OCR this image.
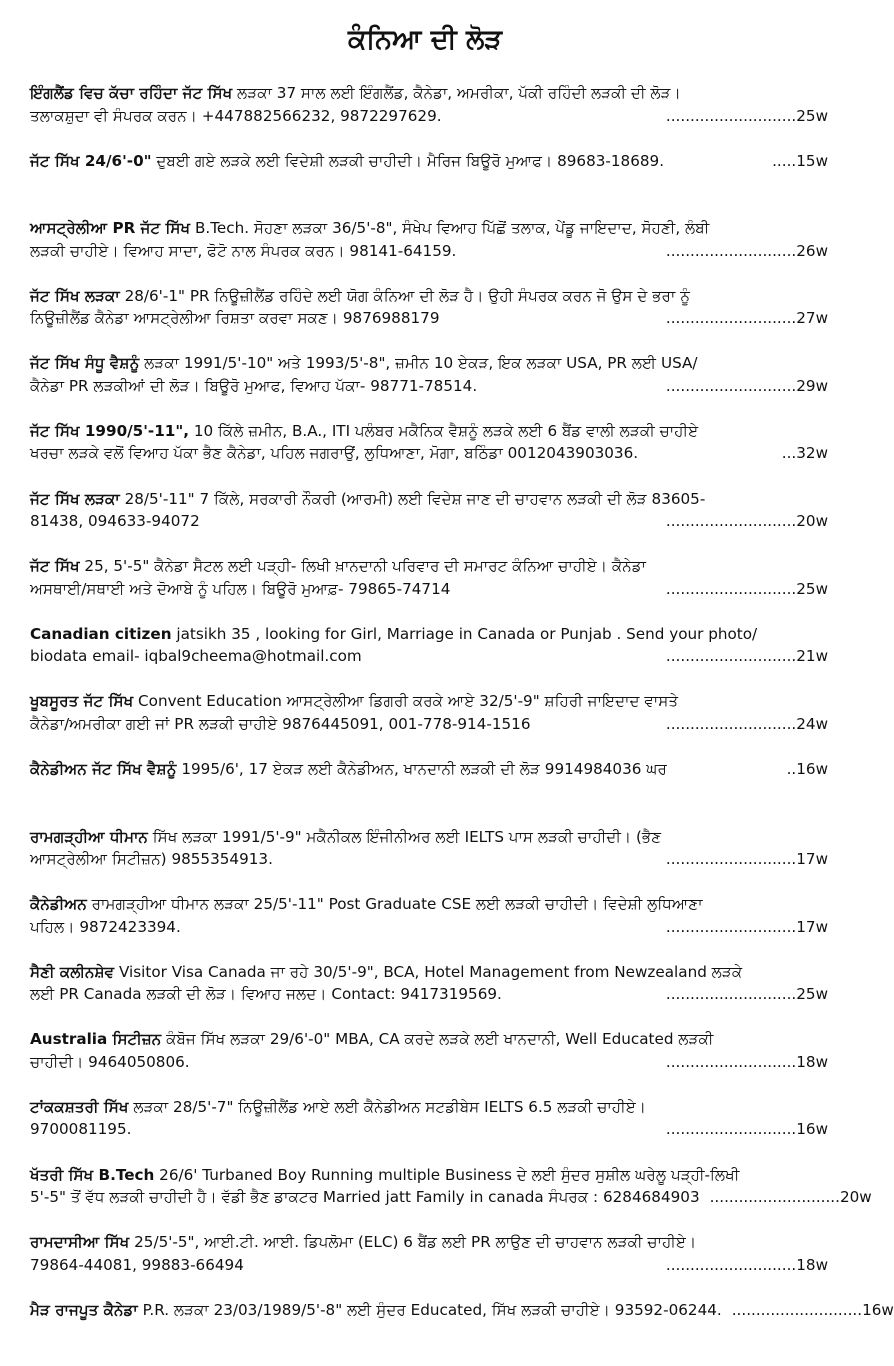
ਕੰਨਿਆ ਦੀ ਲੋੜ
ਇੰਗਲੈਂਡ ਵਿਚ ਕੱਚਾ ਰਹਿੰਦਾ ਜੱਟ ਸਿੱਖ ਲੜਕਾ 37 ਸਾਲ ਲਈ ਇੰਗਲੈਂਡ, ਕੈਨੇਡਾ, ਅਮਰੀਕਾ, ਪੱਕੀ ਰਹਿੰਦੀ ਲੜਕੀ ਦੀ ਲੋੜ।
ਤਲਾਕਸ਼ੁਦਾ ਵੀ ਸੰਪਰਕ ਕਰਨ। +447882566232, 9872297629.	...........................25w
ਜੱਟ ਸਿੱਖ 24/6'-0" ਦੁਬਈ ਗਏ ਲੜਕੇ ਲਈ ਵਿਦੇਸ਼ੀ ਲੜਕੀ ਚਾਹੀਦੀ। ਮੈਰਿਜ ਬਿਊਰੋ ਮੁਆਫ। 89683-18689.	.....15w
ਆਸਟ੍ਰੇਲੀਆ PR ਜੱਟ ਸਿੱਖ B.Tech. ਸੋਹਣਾ ਲੜਕਾ 36/5'-8", ਸੰਖੇਪ ਵਿਆਹ ਪਿੱਛੋਂ ਤਲਾਕ, ਪੇਂਡੂ ਜਾਇਦਾਦ, ਸੋਹਣੀ, ਲੰਬੀ
ਲੜਕੀ ਚਾਹੀਏ। ਵਿਆਹ ਸਾਦਾ, ਫੋਟੋ ਨਾਲ ਸੰਪਰਕ ਕਰਨ। 98141-64159.	...........................26w
ਜੱਟ ਸਿੱਖ ਲੜਕਾ 28/6'-1" PR ਨਿਊਜ਼ੀਲੈਂਡ ਰਹਿੰਦੇ ਲਈ ਯੋਗ ਕੰਨਿਆ ਦੀ ਲੋੜ ਹੈ। ਉਹੀ ਸੰਪਰਕ ਕਰਨ ਜੋ ਉਸ ਦੇ ਭਰਾ ਨੂੰ
ਨਿਊਜ਼ੀਲੈਂਡ ਕੈਨੇਡਾ ਆਸਟ੍ਰੇਲੀਆ ਰਿਸ਼ਤਾ ਕਰਵਾ ਸਕਣ। 9876988179	...........................27w
ਜੱਟ ਸਿੱਖ ਸੰਧੂ ਵੈਸ਼ਨੂੰ ਲੜਕਾ 1991/5'-10" ਅਤੇ 1993/5'-8", ਜ਼ਮੀਨ 10 ਏਕੜ, ਇਕ ਲੜਕਾ USA, PR ਲਈ USA/
ਕੈਨੇਡਾ PR ਲੜਕੀਆਂ ਦੀ ਲੋੜ। ਬਿਊਰੋ ਮੁਆਫ, ਵਿਆਹ ਪੱਕਾ- 98771-78514.	...........................29w
ਜੱਟ ਸਿੱਖ 1990/5'-11", 10 ਕਿੱਲੇ ਜ਼ਮੀਨ, B.A., ITI ਪਲੰਬਰ ਮਕੈਨਿਕ ਵੈਸ਼ਨੂੰ ਲੜਕੇ ਲਈ 6 ਬੈਂਡ ਵਾਲੀ ਲੜਕੀ ਚਾਹੀਏ
ਖਰਚਾ ਲੜਕੇ ਵਲੋਂ ਵਿਆਹ ਪੱਕਾ ਭੈਣ ਕੈਨੇਡਾ, ਪਹਿਲ ਜਗਰਾਉਂ, ਲੁਧਿਆਣਾ, ਮੋਗਾ, ਬਠਿੰਡਾ 0012043903036.	...32w
ਜੱਟ ਸਿੱਖ ਲੜਕਾ 28/5'-11" 7 ਕਿੱਲੇ, ਸਰਕਾਰੀ ਨੌਕਰੀ (ਆਰਮੀ) ਲਈ ਵਿਦੇਸ਼ ਜਾਣ ਦੀ ਚਾਹਵਾਨ ਲੜਕੀ ਦੀ ਲੋੜ 83605-
81438, 094633-94072	...........................20w
ਜੱਟ ਸਿੱਖ 25, 5'-5" ਕੈਨੇਡਾ ਸੈਟਲ ਲਈ ਪੜ੍ਹੀ- ਲਿਖੀ ਖ਼ਾਨਦਾਨੀ ਪਰਿਵਾਰ ਦੀ ਸਮਾਰਟ ਕੰਨਿਆ ਚਾਹੀਏ। ਕੈਨੇਡਾ
ਅਸਥਾਈ/ਸਥਾਈ ਅਤੇ ਦੋਆਬੇ ਨੂੰ ਪਹਿਲ। ਬਿਊਰੋ ਮੁਆਫ਼- 79865-74714	...........................25w
Canadian citizen jatsikh 35 , looking for Girl, Marriage in Canada or Punjab . Send your photo/
biodata email- iqbal9cheema@hotmail.com	...........................21w
ਖੂਬਸੂਰਤ ਜੱਟ ਸਿੱਖ Convent Education ਆਸਟ੍ਰੇਲੀਆ ਡਿਗਰੀ ਕਰਕੇ ਆਏ 32/5'-9" ਸ਼ਹਿਰੀ ਜਾਇਦਾਦ ਵਾਸਤੇ
ਕੈਨੇਡਾ/ਅਮਰੀਕਾ ਗਈ ਜਾਂ PR ਲੜਕੀ ਚਾਹੀਏ 9876445091, 001-778-914-1516	...........................24w
ਕੈਨੇਡੀਅਨ ਜੱਟ ਸਿੱਖ ਵੈਸ਼ਨੂੰ 1995/6', 17 ਏਕੜ ਲਈ ਕੈਨੇਡੀਅਨ, ਖਾਨਦਾਨੀ ਲੜਕੀ ਦੀ ਲੋੜ 9914984036 ਘਰ	..16w
ਰਾਮਗੜ੍ਹੀਆ ਧੀਮਾਨ ਸਿੱਖ ਲੜਕਾ 1991/5'-9" ਮਕੈਨੀਕਲ ਇੰਜੀਨੀਅਰ ਲਈ IELTS ਪਾਸ ਲੜਕੀ ਚਾਹੀਦੀ। (ਭੈਣ
ਆਸਟ੍ਰੇਲੀਆ ਸਿਟੀਜ਼ਨ) 9855354913.	...........................17w
ਕੈਨੇਡੀਅਨ ਰਾਮਗੜ੍ਹੀਆ ਧੀਮਾਨ ਲੜਕਾ 25/5'-11" Post Graduate CSE ਲਈ ਲੜਕੀ ਚਾਹੀਦੀ। ਵਿਦੇਸ਼ੀ ਲੁਧਿਆਣਾ
ਪਹਿਲ। 9872423394.	...........................17w
ਸੈਣੀ ਕਲੀਨਸ਼ੇਵ Visitor Visa Canada ਜਾ ਰਹੇ 30/5'-9", BCA, Hotel Management from Newzealand ਲੜਕੇ
ਲਈ PR Canada ਲੜਕੀ ਦੀ ਲੋੜ। ਵਿਆਹ ਜਲਦ। Contact: 9417319569.	...........................25w
Australia ਸਿਟੀਜ਼ਨ ਕੰਬੋਜ ਸਿੱਖ ਲੜਕਾ 29/6'-0" MBA, CA ਕਰਦੇ ਲੜਕੇ ਲਈ ਖਾਨਦਾਨੀ, Well Educated ਲੜਕੀ
ਚਾਹੀਦੀ। 9464050806.	...........................18w
ਟਾਂਕਕਸ਼ਤਰੀ ਸਿੱਖ ਲੜਕਾ 28/5'-7" ਨਿਊਜ਼ੀਲੈਂਡ ਆਏ ਲਈ ਕੈਨੇਡੀਅਨ ਸਟਡੀਬੇਸ IELTS 6.5 ਲੜਕੀ ਚਾਹੀਏ।
9700081195.	...........................16w
ਖੱਤਰੀ ਸਿੱਖ B.Tech 26/6' Turbaned Boy Running multiple Business ਦੇ ਲਈ ਸੁੰਦਰ ਸੁਸ਼ੀਲ ਘਰੇਲੂ ਪੜ੍ਹੀ-ਲਿਖੀ
5'-5" ਤੋਂ ਵੱਧ ਲੜਕੀ ਚਾਹੀਦੀ ਹੈ। ਵੱਡੀ ਭੈਣ ਡਾਕਟਰ Married jatt Family in canada ਸੰਪਰਕ : 6284684903 ...........................20w
ਰਾਮਦਾਸੀਆ ਸਿੱਖ 25/5'-5", ਆਈ.ਟੀ. ਆਈ. ਡਿਪਲੋਮਾ (ELC) 6 ਬੈਂਡ ਲਈ PR ਲਾਉਣ ਦੀ ਚਾਹਵਾਨ ਲੜਕੀ ਚਾਹੀਏ।
79864-44081, 99883-66494	...........................18w
ਮੈੜ ਰਾਜਪੂਤ ਕੈਨੇਡਾ P.R. ਲੜਕਾ 23/03/1989/5'-8" ਲਈ ਸੁੰਦਰ Educated, ਸਿੱਖ ਲੜਕੀ ਚਾਹੀਏ। 93592-06244. ...........................16w
